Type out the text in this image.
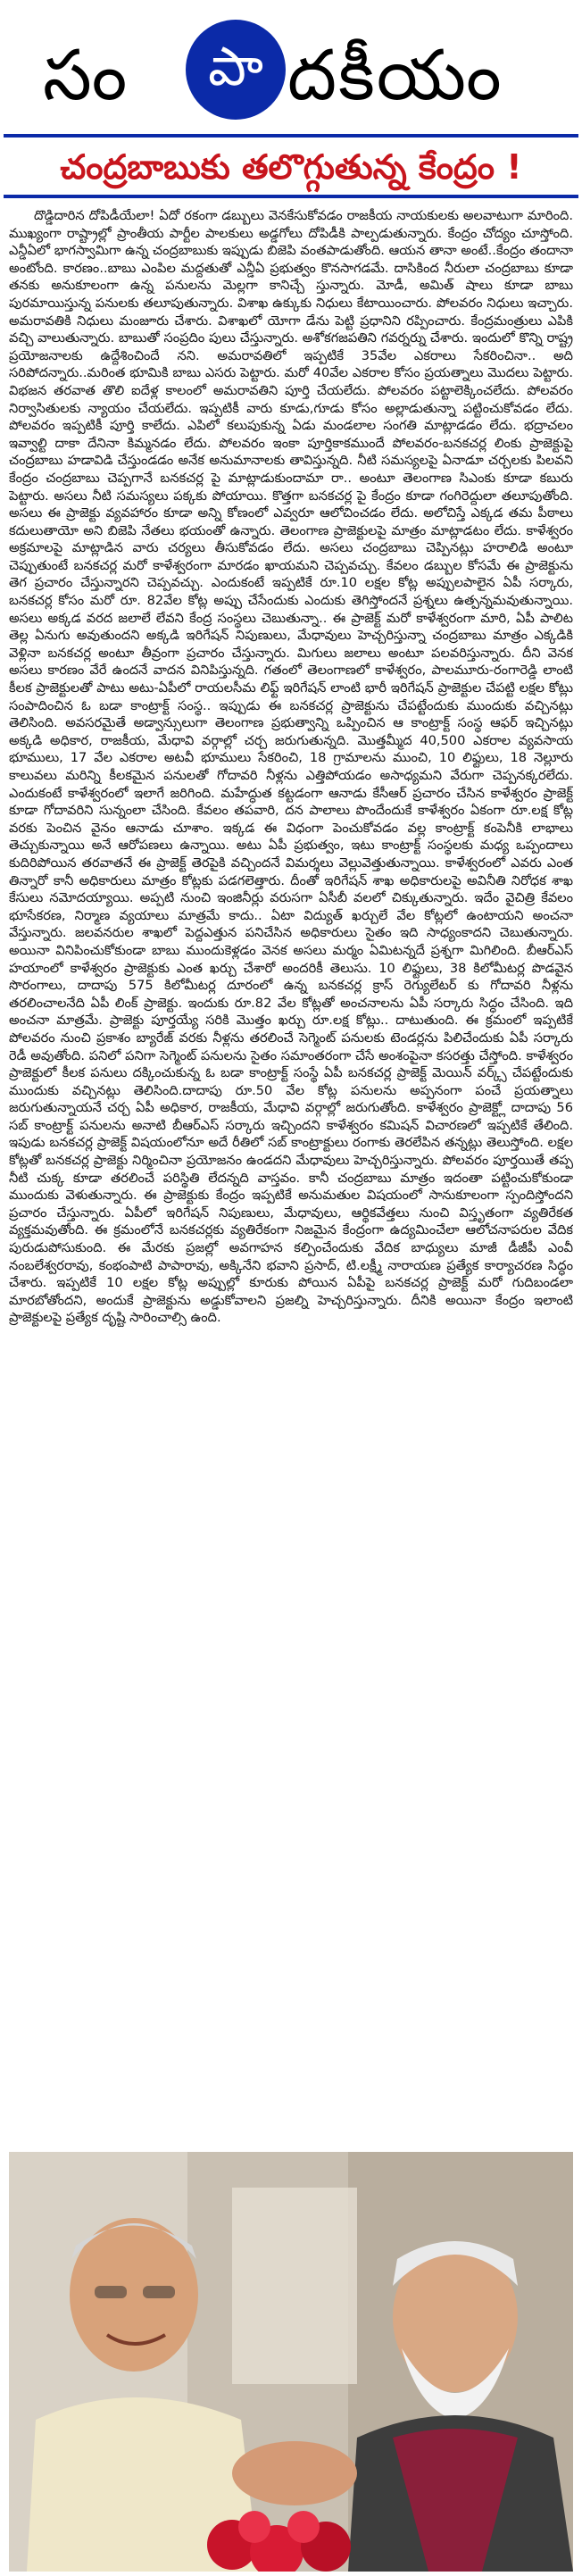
సం	పా దకీయం
చంద్రబాబుకు తలొగ్గుతున్న కేంద్రం !

దొడ్డిదారిన దోపిడీయేలా! ఏదో రకంగా డబ్బులు వెనకేసుకోవడం రాజకీయ నాయకులకు అలవాటుగా మారింది. ముఖ్యంగా రాష్ట్రాల్లో ప్రాంతీయ పార్టీల పాలకులు అడ్డగోలు దోపిడీకి పాల్పడుతున్నారు. కేంద్రం చోద్యం చూస్తోంది. ఎన్డీఏలో భాగస్వామిగా ఉన్న చంద్రబాబుకు ఇప్పుడు బిజెపి వంతపాడుతోంది. ఆయన తానా అంటే..కేంద్రం తందానా అంటోంది. కారణం..బాబు ఎంపిల మద్దతుతో ఎన్డీఏ ప్రభుత్వం కొనసాగడమే. దాసికింద నీరులా చంద్రబాబు కూడా తనకు అనుకూలంగా ఉన్న పనులను మెల్లగా కానిచ్చే స్తున్నారు. మోడీ, అమిత్ షాలు కూడా బాబు పురమాయిస్తున్న పనులకు తలూపుతున్నారు. విశాఖ ఉక్కుకు నిధులు కేటాయించారు. పోలవరం నిధులు ఇచ్చారు. అమరావతికి నిధులు మంజూరు చేశారు. విశాఖలో యోగా డేను పెట్టి ప్రధానిని రప్పించారు. కేంద్రమంత్రులు ఎపికి వచ్చి వాలుతున్నారు. బాబుతో సంప్రదిం పులు చేస్తున్నారు. అశోకగజపతిని గవర్నర్ను చేశారు. ఇందులో కొన్ని రాష్ట్ర ప్రయోజనాలకు ఉద్దేశించిందే నని. అమరావతిలో ఇప్పటికే 35వేల ఎకరాలు సేకరించినా.. అది సరిపోదన్నారు..మరింత భూమికి బాబు ఎసరు పెట్టారు. మరో 40వేల ఎకరాల కోసం ప్రయత్నాలు మొదలు పెట్టారు. విభజన తరవాత తొలి ఐదేళ్ల కాలంలో అమరావతిని పూర్తి చేయలేదు. పోలవరం పట్టాలెక్కించలేదు. పోలవరం నిర్వాసితులకు న్యాయం చేయలేదు. ఇప్పటికీ వారు కూడు,గూడు కోసం అల్లాడుతున్నా పట్టించుకోవడం లేదు. పోలవరం ఇప్పటికీ పూర్తి కాలేదు. ఎపిలో కలుపుకున్న ఏడు మండలాల సంగతి మాట్లాడడం లేదు. భద్రాచలం ఇవ్వాల్టి దాకా దేనినా కిమ్మనడం లేదు. పోలవరం ఇంకా పూర్తికాకముందే పోలవరం-బనకచర్ల లింకు ప్రాజెక్టుపై చంద్రబాబు హడావిడి చేస్తుండడం అనేక అనుమానాలకు తావిస్తున్నది. నీటి సమస్యలపై ఏనాడూ చర్చలకు పిలవని కేంద్రం చంద్రబాబు చెప్పగానే బనకచర్ల పై మాట్లాడుకుందామా రా.. అంటూ తెలంగాణ సిఎంకు కూడా కబురు పెట్టారు. అసలు నీటి సమస్యలు పక్కకు పోయాయి. కొత్తగా బనకచర్ల పై కేంద్రం కూడా గంగిరెద్దులా తలూపుతోంది. అసలు ఈ ప్రాజెక్టు వ్యవహారం కూడా అన్ని కోణంలో ఎవ్వరూ ఆలోచించడం లేదు. అలోచిస్తే ఎక్కడ తమ పీఠాలు కదులుతాయో అని బిజెపి నేతలు భయంతో ఉన్నారు. తెలంగాణ ప్రాజెక్టులపై మాత్రం మాట్లాడటం లేదు. కాళేశ్వరం అక్రమాలపై మాట్లాడిన వారు చర్యలు తీసుకోవడం లేదు. అసలు చంద్రబాబు చెప్పినట్లు హరాలిడి అంటూ చెప్పుతుంటే బనకచర్ల మరో కాళేశ్వరంగా మారడం ఖాయమని చెప్పవచ్చు. కేవలం డబ్బుల కోసమే ఈ ప్రాజెక్టును తెగ ప్రచారం చేస్తున్నారని చెప్పవచ్చు. ఎందుకంటే ఇప్పటికే రూ.10 లక్షల కోట్ల అప్పులపాలైన ఏపీ సర్కారు, బనకచర్ల కోసం మరో రూ. 82వేల కోట్ల అప్పు చేసేందుకు ఎందుకు తెగిస్తోందనే ప్రశ్నలు ఉత్పన్నమవుతున్నాయి. అసలు అక్కడ వరద జలాలే లేవని కేంద్ర సంస్థలు చెబుతున్నా.. ఈ ప్రాజెక్ట్ మరో కాళేశ్వరంగా మారి, ఏపీ పాలిట తెల్ల ఏనుగు అవుతుందని అక్కడి ఇరిగేషన్ నిపుణులు, మేధావులు హెచ్చరిస్తున్నా చంద్రబాబు మాత్రం ఎక్కడికి వెళ్లినా బనకచర్ల అంటూ తీవ్రంగా ప్రచారం చేస్తున్నారు. మిగులు జలాలు అంటూ పలవరిస్తున్నారు. దీని వెనక అసలు కారణం వేరే ఉందనే వాదన వినిపిస్తున్నది. గతంలో తెలంగాణలో కాళేశ్వరం, పాలమూరు-రంగారెడ్డి లాంటి కీలక ప్రాజెక్టులతో పాటు అటు-ఏపీలో రాయలసీమ లిఫ్ట్ ఇరిగేషన్ లాంటి భారీ ఇరిగేషన్ ప్రాజెక్టుల చేపట్టి లక్షల కోట్లు సంపాదించిన ఓ బడా కాంట్రాక్ట్ సంస్థ.. ఇప్పుడు ఈ బనకచర్ల ప్రాజెక్టును చేపట్టేందుకు ముందుకు వచ్చినట్లు తెలిసింది. అవసరమైతే అడ్వాన్సులుగా తెలంగాణ ప్రభుత్వాన్ని ఒప్పించిన ఆ కాంట్రాక్ట్ సంస్థ ఆఫర్ ఇచ్చినట్లు అక్కడి అధికార, రాజకీయ, మేధావి వర్గాల్లో చర్చ జరుగుతున్నది. మొత్తమ్మీద 40,500 ఎకరాల వ్యవసాయ భూములు, 17 వేల ఎకరాల అటవీ భూములు సేకరించి, 18 గ్రామాలను ముంచి, 10 లిఫ్టులు, 18 నెల్లూరు కాలువలు మరిన్ని కీలకమైన పనులతో గోదావరి నీళ్లను ఎత్తిపోయడం అసాధ్యమని వేరుగా చెప్పనక్కరలేదు. ఎందుకంటే కాళేశ్వరంలో ఇలాగే జరిగింది. మహేద్ధుత కట్టడంగా ఆనాడు కేసీఆర్ ప్రచారం చేసిన కాళేశ్వరం ప్రాజెక్ట్ కూడా గోదావరిని సున్నంలా చేసింది. కేవలం తపవారి, దన పాలాలు పొందేందుకే కాళేశ్వరం ఏకంగా రూ.లక్ష కోట్ల వరకు పెంచిన వైనం ఆనాడు చూశాం. ఇక్కడ ఈ విధంగా పెంచుకోవడం వల్ల కాంట్రాక్ట్ కంపెనీకి లాభాలు తెచ్చుకున్నాయి అనే ఆరోపణలు ఉన్నాయి. అటు ఏపీ ప్రభుత్వం, ఇటు కాంట్రాక్ట్ సంస్థలకు మధ్య ఒప్పందాలు కుదిరిపోయిన తరవాతనే ఈ ప్రాజెక్ట్ తెరపైకి వచ్చిందనే విమర్శలు వెల్లువెత్తుతున్నాయి. కాళేశ్వరంలో ఎవరు ఎంత తిన్నారో కానీ అధికారులు మాత్రం కోట్లకు పడగలెత్తారు. దీంతో ఇరిగేషన్ శాఖ అధికారులపై అవినీతి నిరోధక శాఖ కేసులు నమోదయ్యాయి. అప్పటి నుంచి ఇంజినీర్లు వరుసగా ఏసీబీ వలలో చిక్కుతున్నారు. ఇదేం వైచిత్రి కేవలం భూసేకరణ, నిర్మాణ వ్యయాలు మాత్రమే కాదు.. ఏటా విద్యుత్ ఖర్చులే వేల కోట్లలో ఉంటాయని అంచనా వేస్తున్నారు. జలవనరుల శాఖలో పెద్దఎత్తున పనిచేసిన అధికారులు సైతం ఇది సాధ్యంకాదని చెబుతున్నారు. అయినా వినిపించుకోకుండా బాబు ముందుకెళ్లడం వెనక అసలు మర్మం ఏమిటన్నదే ప్రశ్నగా మిగిలింది. బీఆర్ఎస్ హయాంలో కాళేశ్వరం ప్రాజెక్టుకు ఎంత ఖర్చు చేశారో అందరికీ తెలుసు. 10 లిఫ్టులు, 38 కిలోమీటర్ల పొడవైన సొరంగాలు, దాదాపు 575 కిలోమీటర్ల దూరంలో ఉన్న బనకచర్ల క్రాస్ రెగ్యులేటర్ కు గోదావరి నీళ్లను తరలించాలనేది ఏపీ లింక్ ప్రాజెక్టు. ఇందుకు రూ.82 వేల కోట్లతో అంచనాలను ఏపీ సర్కారు సిద్ధం చేసింది. ఇది అంచనా మాత్రమే. ప్రాజెక్టు పూర్తయ్యే సరికి మొత్తం ఖర్చు రూ.లక్ష కోట్లు.. దాటుతుంది. ఈ క్రమంలో ఇప్పటికే పోలవరం నుంచి ప్రకాశం బ్యారేజ్ వరకు నీళ్లను తరలించే సెగ్మెంట్ పనులకు టెండర్లను పిలిచేందుకు ఏపీ సర్కారు రెడీ అవుతోంది. పనిలో పనిగా సెగ్మెంట్ పనులను సైతం సమాంతరంగా చేసే అంశంపైనా కసరత్తు చేస్తోంది. కాళేశ్వరం ప్రాజెక్టులో కీలక పనులు దక్కించుకున్న ఓ బడా కాంట్రాక్ట్ సంస్థే ఏపీ బనకచర్ల ప్రాజెక్ట్ మెయిన్ వర్క్స్ చేపట్టేందుకు ముందుకు వచ్చినట్లు తెలిసింది.దాదాపు రూ.50 వేల కోట్ల పనులను అప్పనంగా పంచే ప్రయత్నాలు జరుగుతున్నాయనే చర్చ ఏపీ అధికార, రాజకీయ, మేధావి వర్గాల్లో జరుగుతోంది. కాళేశ్వరం ప్రాజెక్ట్లో దాదాపు 56 సబ్ కాంట్రాక్ట్ పనులను అనాటి బీఆర్ఎస్ సర్కారు ఇచ్చిందని కాళేశ్వరం కమిషన్ విచారణలో ఇప్పటికే తేలింది. ఇపుడు బనకచర్ల ప్రాజెక్ట్ విషయంలోనూ అదే రీతిలో సబ్ కాంట్రాక్టులు రంగాకు తెరలేపిన తన్నట్లు తెలుస్తోంది. లక్షల కోట్లతో బనకచర్ల ప్రాజెక్టు నిర్మించినా ప్రయోజనం ఉండదని మేధావులు హెచ్చరిస్తున్నారు. పోలవరం పూర్తయితే తప్ప నీటి చుక్క కూడా తరలించే పరిస్థితి లేదన్నది వాస్తవం. కానీ చంద్రబాబు మాత్రం ఇదంతా పట్టించుకోకుండా ముందుకు వెళుతున్నారు. ఈ ప్రాజెక్టుకు కేంద్రం ఇప్పటికే అనుమతుల విషయంలో సానుకూలంగా స్పందిస్తోందని ప్రచారం చేస్తున్నారు. ఏపీలో ఇరిగేషన్ నిపుణులు, మేధావులు, ఆర్థికవేత్తలు నుంచి విస్తృతంగా వ్యతిరేకత వ్యక్తమవుతోంది. ఈ క్రమంలోనే బనకచర్లకు వ్యతిరేకంగా నిజమైన కేంద్రంగా ఉద్యమించేలా ఆలోచనాపరుల వేదిక పురుడుపోసుకుంది. ఈ మేరకు ప్రజల్లో అవగాహన కల్పించేందుకు వేదిక బాధ్యులు మాజీ డీజీపీ ఎంవీ నంబలేశ్వరరావు, కంభంపాటి పాపారావు, అక్కినేని భవాని ప్రసాద్, టి.లక్ష్మీ నారాయణ ప్రత్యేక కార్యాచరణ సిద్ధం చేశారు. ఇప్పటికే 10 లక్షల కోట్ల అప్పుల్లో కూరుకు పోయిన ఏపీపై బనకచర్ల ప్రాజెక్ట్ మరో గుదిబండలా మారబోతోందని, అందుకే ప్రాజెక్టును అడ్డుకోవాలని ప్రజల్ని హెచ్చరిస్తున్నారు. దీనికి అయినా కేంద్రం ఇలాంటి ప్రాజెక్టులపై ప్రత్యేక దృష్టి సారించాల్సి ఉంది.
